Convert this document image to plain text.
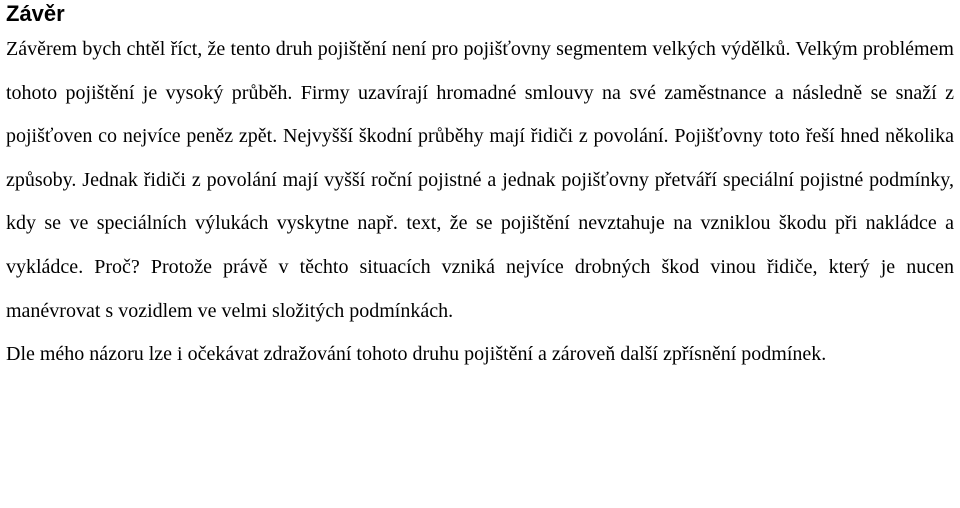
Závěr

Závěrem bych chtěl říct, že tento druh pojištění není pro pojišťovny segmentem velkých výdělků. Velkým problémem tohoto pojištění je vysoký průběh. Firmy uzavírají hromadné smlouvy na své zaměstnance a následně se snaží z pojišťoven co nejvíce peněz zpět. Nejvyšší škodní průběhy mají řidiči z povolání. Pojišťovny toto řeší hned několika způsoby. Jednak řidiči z povolání mají vyšší roční pojistné a jednak pojišťovny přetváří speciální pojistné podmínky, kdy se ve speciálních výlukách vyskytne např. text, že se pojištění nevztahuje na vzniklou škodu při nakládce a vykládce. Proč? Protože právě v těchto situacích vzniká nejvíce drobných škod vinou řidiče, který je nucen manévrovat s vozidlem ve velmi složitých podmínkách.

Dle mého názoru lze i očekávat zdražování tohoto druhu pojištění a zároveň další zpřísnění podmínek.
